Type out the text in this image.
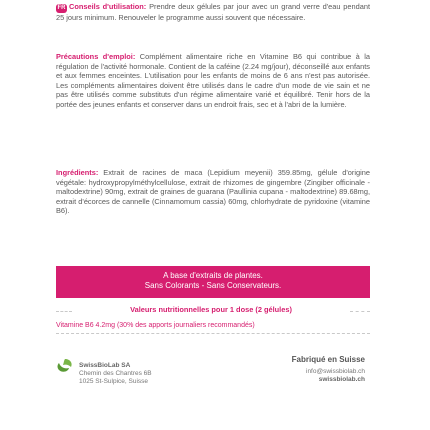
FR Conseils d'utilisation: Prendre deux gélules par jour avec un grand verre d'eau pendant 25 jours minimum. Renouveler le programme aussi souvent que nécessaire.
Précautions d'emploi: Complément alimentaire riche en Vitamine B6 qui contribue à la régulation de l'activité hormonale. Contient de la caféine (2.24 mg/jour), déconseillé aux enfants et aux femmes enceintes. L'utilisation pour les enfants de moins de 6 ans n'est pas autorisée. Les compléments alimentaires doivent être utilisés dans le cadre d'un mode de vie sain et ne pas être utilisés comme substituts d'un régime alimentaire varié et équilibré. Tenir hors de la portée des jeunes enfants et conserver dans un endroit frais, sec et à l'abri de la lumière.
Ingrédients: Extrait de racines de maca (Lepidium meyenii) 359.85mg, gélule d'origine végétale: hydroxypropylméthylcellulose, extrait de rhizomes de gingembre (Zingiber officinale - maltodextrine) 90mg, extrait de graines de guarana (Paullinia cupana - maltodextrine) 89.68mg, extrait d'écorces de cannelle (Cinnamomum cassia) 60mg, chlorhydrate de pyridoxine (vitamine B6).
A base d'extraits de plantes.
Sans Colorants - Sans Conservateurs.
Valeurs nutritionnelles pour 1 dose (2 gélules)
Vitamine B6 4.2mg (30% des apports journaliers recommandés)
SwissBioLab SA
Chemin des Chantres 6B
1025 St-Sulpice, Suisse
Fabriqué en Suisse
info@swissbiolab.ch
swissbiolab.ch
